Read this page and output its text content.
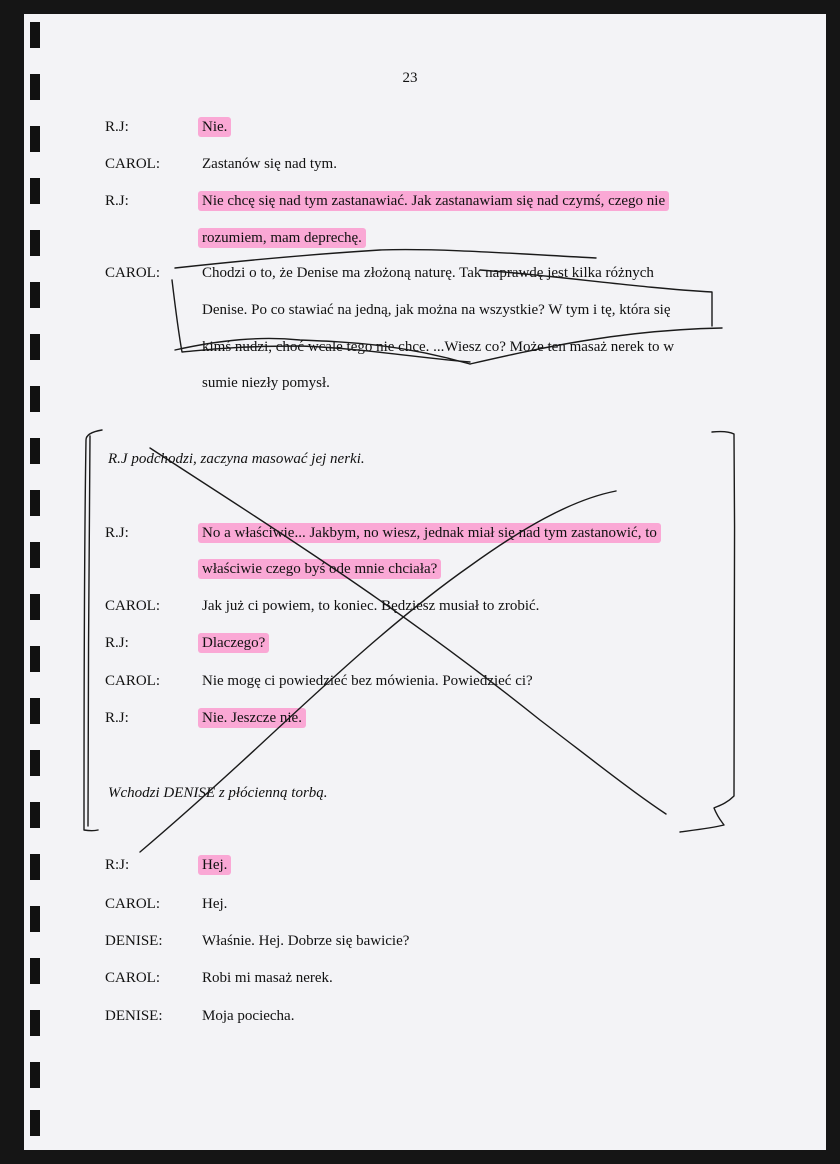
23
R.J:	Nie.
CAROL:	Zastanów się nad tym.
R.J:	Nie chcę się nad tym zastanawiać. Jak zastanawiam się nad czymś, czego nie
rozumiem, mam deprechę.
CAROL:	Chodzi o to, że Denise ma złożoną naturę. Tak naprawdę jest kilka różnych
Denise. Po co stawiać na jedną, jak można na wszystkie? W tym i tę, która się
kimś nudzi, choć wcale tego nie chce. ...Wiesz co? Może ten masaż nerek to w
sumie niezły pomysł.
R.J podchodzi, zaczyna masować jej nerki.
R.J:	No a właściwie... Jakbym, no wiesz, jednak miał się nad tym zastanowić, to
właściwie czego byś ode mnie chciała?
CAROL:	Jak już ci powiem, to koniec. Będziesz musiał to zrobić.
R.J:	Dlaczego?
CAROL:	Nie mogę ci powiedzieć bez mówienia. Powiedzieć ci?
R.J:	Nie. Jeszcze nie.
Wchodzi DENISE z płócienną torbą.
R:J:	Hej.
CAROL:	Hej.
DENISE:	Właśnie. Hej. Dobrze się bawicie?
CAROL:	Robi mi masaż nerek.
DENISE:	Moja pociecha.
